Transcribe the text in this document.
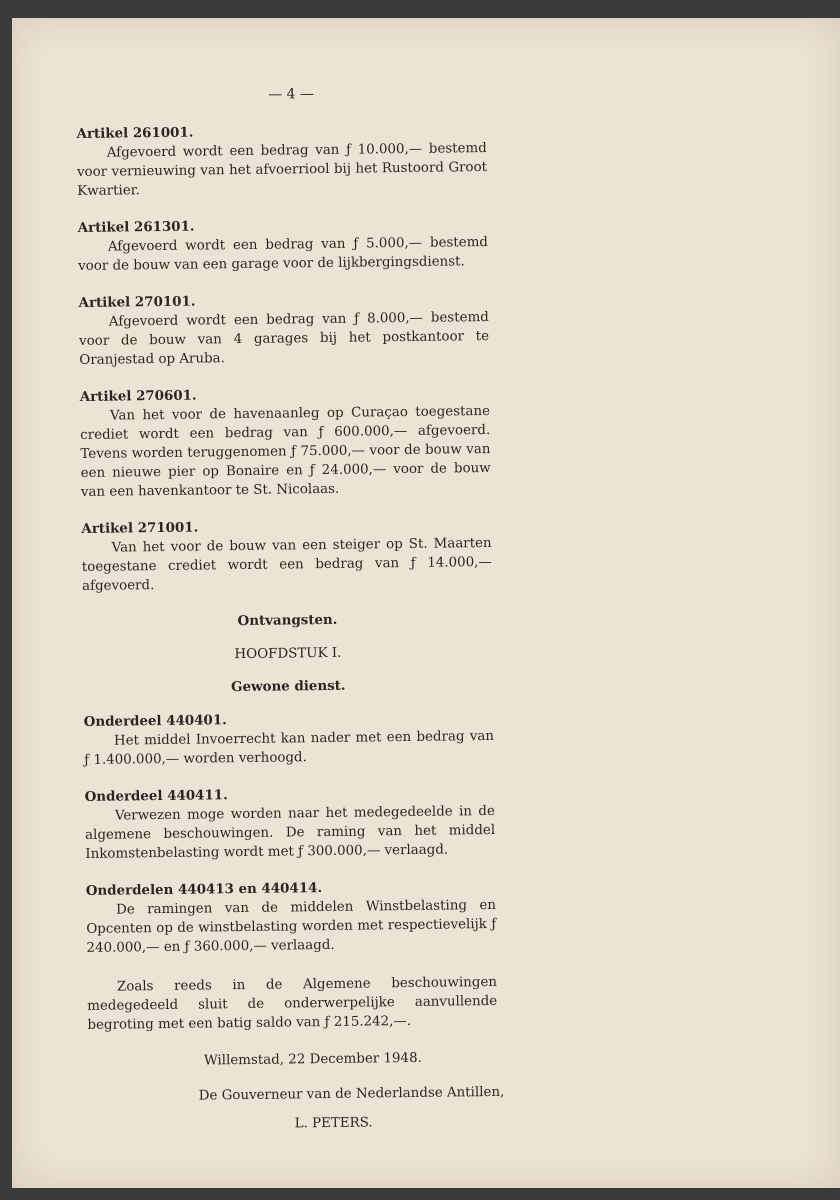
— 4 —
Artikel 261001.
Afgevoerd wordt een bedrag van ƒ 10.000,— bestemd voor vernieuwing van het afvoerriool bij het Rustoord Groot Kwartier.
Artikel 261301.
Afgevoerd wordt een bedrag van ƒ 5.000,— bestemd voor de bouw van een garage voor de lijkbergingsdienst.
Artikel 270101.
Afgevoerd wordt een bedrag van ƒ 8.000,— bestemd voor de bouw van 4 garages bij het postkantoor te Oranjestad op Aruba.
Artikel 270601.
Van het voor de havenaanleg op Curaçao toegestane crediet wordt een bedrag van ƒ 600.000,— afgevoerd. Tevens worden teruggenomen ƒ 75.000,— voor de bouw van een nieuwe pier op Bonaire en ƒ 24.000,— voor de bouw van een havenkantoor te St. Nicolaas.
Artikel 271001.
Van het voor de bouw van een steiger op St. Maarten toegestane crediet wordt een bedrag van ƒ 14.000,— afgevoerd.
Ontvangsten.
HOOFDSTUK I.
Gewone dienst.
Onderdeel 440401.
Het middel Invoerrecht kan nader met een bedrag van ƒ 1.400.000,— worden verhoogd.
Onderdeel 440411.
Verwezen moge worden naar het medegedeelde in de algemene beschouwingen. De raming van het middel Inkomstenbelasting wordt met ƒ 300.000,— verlaagd.
Onderdelen 440413 en 440414.
De ramingen van de middelen Winstbelasting en Opcenten op de winstbelasting worden met respectievelijk ƒ 240.000,— en ƒ 360.000,— verlaagd.
Zoals reeds in de Algemene beschouwingen medegedeeld sluit de onderwerpelijke aanvullende begroting met een batig saldo van ƒ 215.242,—.
Willemstad, 22 December 1948.
De Gouverneur van de Nederlandse Antillen,
L. PETERS.
